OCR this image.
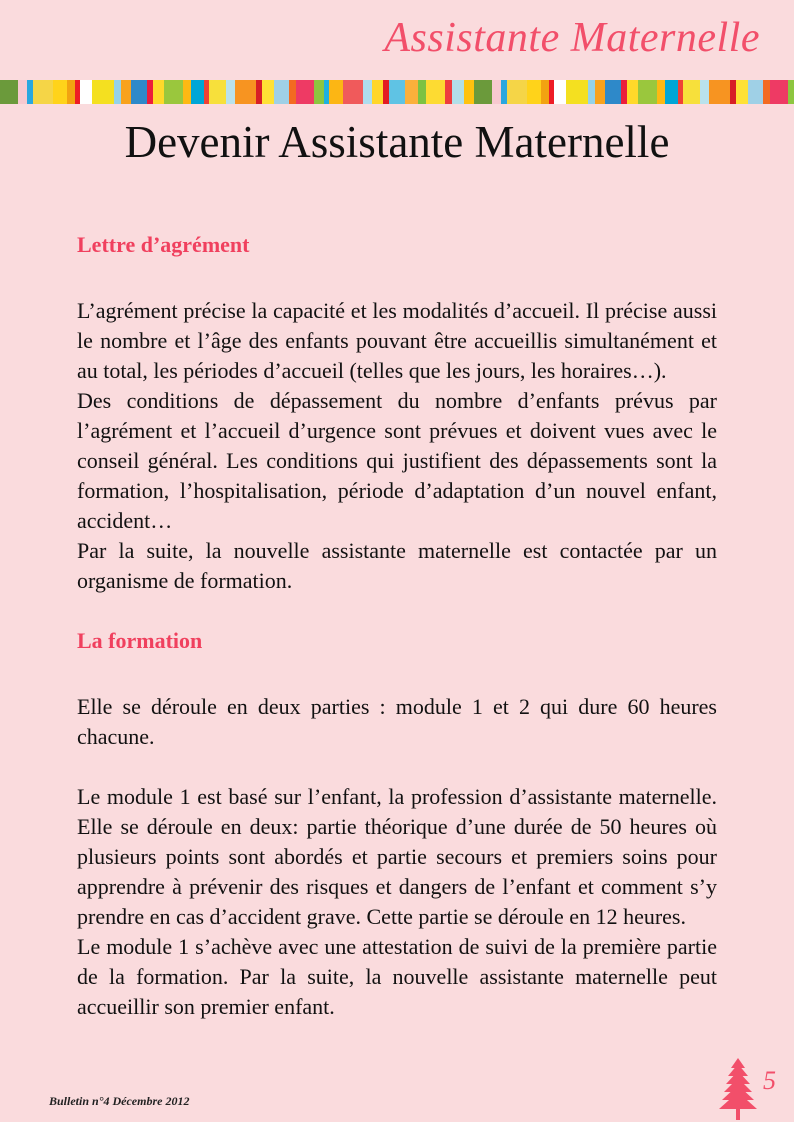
Assistante Maternelle
Devenir Assistante Maternelle
Lettre d’agrément

L’agrément précise la capacité et les modalités d’accueil. Il précise aussi le nombre et l’âge des enfants pouvant être accueillis simultanément et au total, les périodes d’accueil (telles que les jours, les horaires…).

Des conditions de dépassement du nombre d’enfants prévus par l’agrément et l’accueil d’urgence sont prévues et doivent vues avec le conseil général. Les conditions qui justifient des dépassements sont la formation, l’hospitalisation, période d’adaptation d’un nouvel enfant, accident…

Par la suite, la nouvelle assistante maternelle est contactée par un organisme de formation.

La formation

Elle se déroule en deux parties : module 1 et 2 qui dure 60 heures chacune.

Le module 1 est basé sur l’enfant, la profession d’assistante maternelle. Elle se déroule en deux: partie théorique d’une durée de 50 heures où plusieurs points sont abordés et partie secours et premiers soins pour apprendre à prévenir des risques et dangers de l’enfant et comment s’y prendre en cas d’accident grave. Cette partie se déroule en 12 heures.

Le module 1 s’achève avec une attestation de suivi de la première partie de la formation. Par la suite, la nouvelle assistante maternelle peut accueillir son premier enfant.

Bulletin n°4 Décembre 2012
5
